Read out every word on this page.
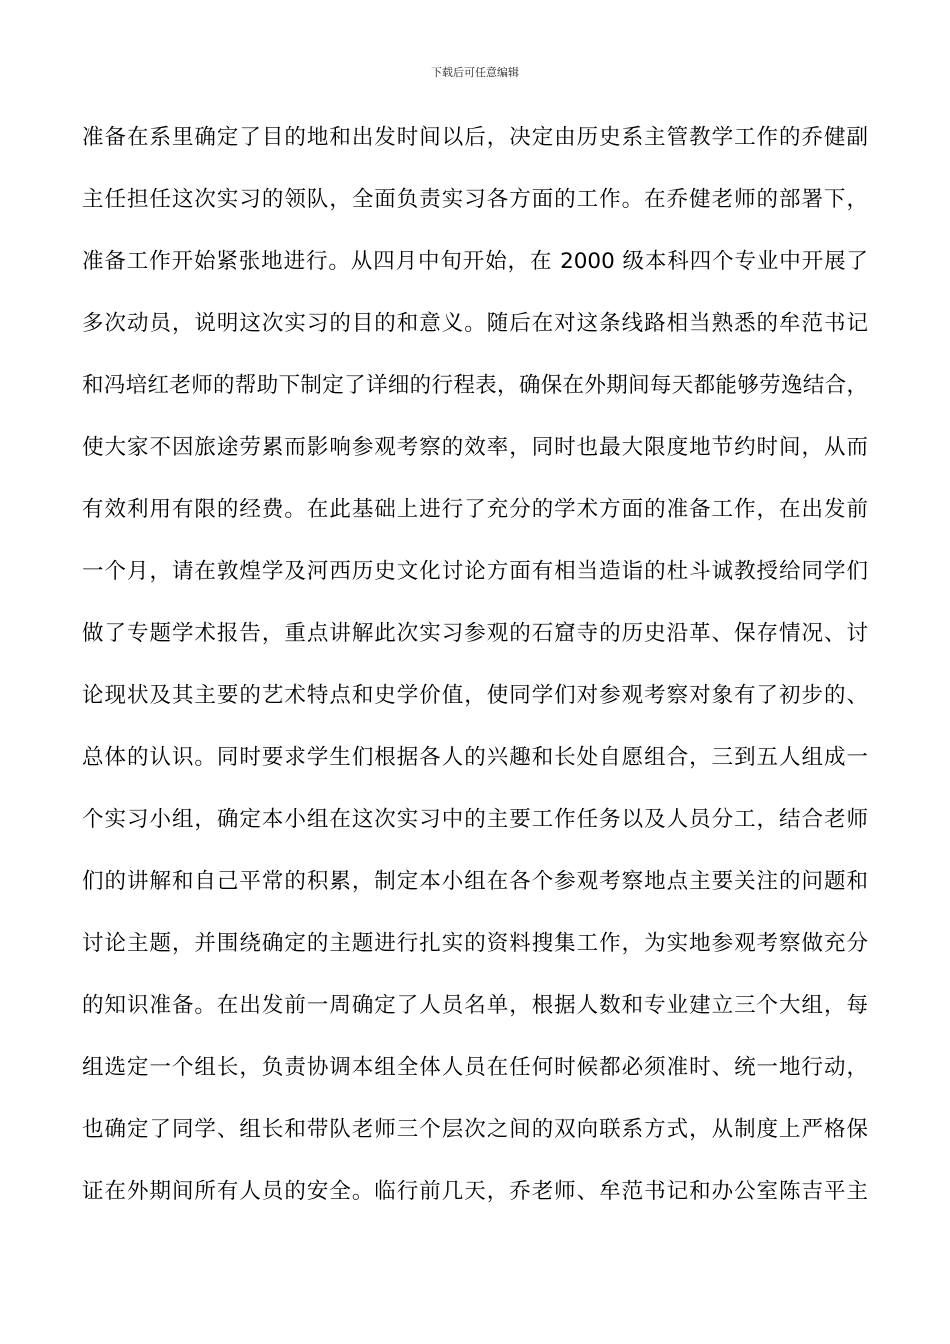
下载后可任意编辑
准备在系里确定了目的地和出发时间以后，决定由历史系主管教学工作的乔健副
主任担任这次实习的领队，全面负责实习各方面的工作。在乔健老师的部署下，
准备工作开始紧张地进行。从四月中旬开始，在 2000 级本科四个专业中开展了
多次动员，说明这次实习的目的和意义。随后在对这条线路相当熟悉的牟范书记
和冯培红老师的帮助下制定了详细的行程表，确保在外期间每天都能够劳逸结合，
使大家不因旅途劳累而影响参观考察的效率，同时也最大限度地节约时间，从而
有效利用有限的经费。在此基础上进行了充分的学术方面的准备工作，在出发前
一个月，请在敦煌学及河西历史文化讨论方面有相当造诣的杜斗诚教授给同学们
做了专题学术报告，重点讲解此次实习参观的石窟寺的历史沿革、保存情况、讨
论现状及其主要的艺术特点和史学价值，使同学们对参观考察对象有了初步的、
总体的认识。同时要求学生们根据各人的兴趣和长处自愿组合，三到五人组成一
个实习小组，确定本小组在这次实习中的主要工作任务以及人员分工，结合老师
们的讲解和自己平常的积累，制定本小组在各个参观考察地点主要关注的问题和
讨论主题，并围绕确定的主题进行扎实的资料搜集工作，为实地参观考察做充分
的知识准备。在出发前一周确定了人员名单，根据人数和专业建立三个大组，每
组选定一个组长，负责协调本组全体人员在任何时候都必须准时、统一地行动，
也确定了同学、组长和带队老师三个层次之间的双向联系方式，从制度上严格保
证在外期间所有人员的安全。临行前几天，乔老师、牟范书记和办公室陈吉平主
